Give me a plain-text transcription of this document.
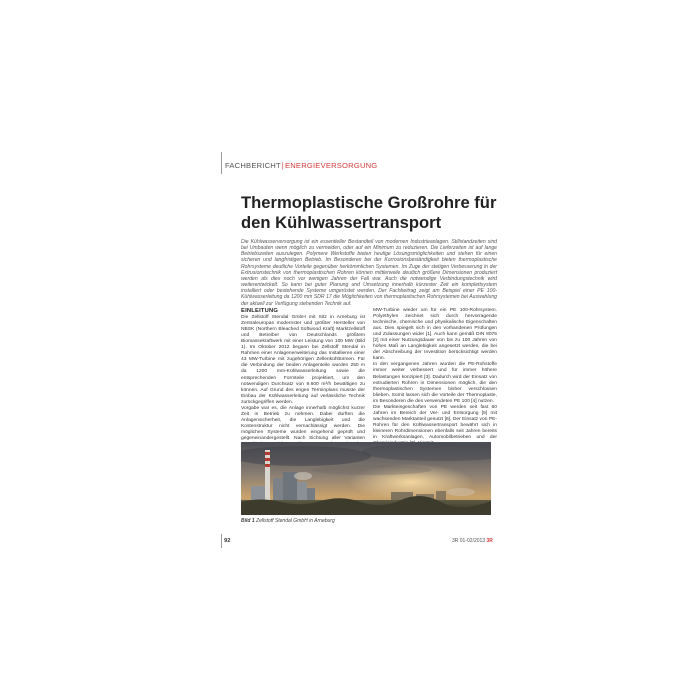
FACHBERICHT|ENERGIEVERSORGUNG
Thermoplastische Großrohre für den Kühlwassertransport

Die Kühlwasserversorgung ist ein essentieller Bestandteil von modernen Industrieanlagen. Stillstandzeiten sind bei Umbauten wenn möglich zu vermeiden, oder auf ein Minimum zu reduzieren. Die Lieferzeiten ist auf lange Betriebszeiten auszulegen. Polymere Werkstoffe bieten heutige Lösungsmöglichkeiten und stehen für einen sicheren und langfristigen Betrieb. Im Besonderen bei der Korrosionsbeständigkeit bieten thermoplastische Rohrsysteme deutliche Vorteile gegenüber herkömmlichen Systemen. Im Zuge der stetigen Verbesserung in der Extrusionstechnik von thermoplastischen Rohren können mittlerweile deutlich größere Dimensionen produziert werden als dies noch vor wenigen Jahren der Fall war. Auch die notwendige Verbindungstechnik wird weiterentwickelt. So kann bei guter Planung und Umsetzung innerhalb kürzester Zeit ein komplettsystem installiert oder bestehende Systeme umgerüstet werden. Der Fachbeitrag zeigt am Beispiel einer PE 100-Kühlwasserleitung da 1200 mm SDR 17 die Möglichkeiten von thermoplastischen Rohrsystemen bei Auswahlung der aktuell zur Verfügung stehenden Technik auf.

EINLEITUNG

Die Zellstoff Stendal GmbH mit Sitz in Arneburg ist Zentraleuropas modernster und größter Hersteller von NBSK (Northern Bleached Softwood Kraft) Marktzellstoff und Betreiber von Deutschlands größtem Biomassekraftwerk mit einer Leistung von 100 MW (Bild 1). Im Oktober 2012 begann bei Zellstoff Stendal in Rahmen einer Anlagenerweiterung das Installieren einer 43 MW-Turbine mit zugehörigen Zellenkühltürmen. Für die Verbindung der beiden Anlagenteile wurden 250 m da 1200 mm-Kühlwasserleitung sowie die entsprechenden Formteile projektiert, um den notwendigen Durchsatz von 9.600 m³/h bewältigen zu können. Auf Grund des engen Terminplans musste der Einbau der Kühlwasserleitung auf verlässliche Technik zurückgegriffen werden.

Vorgabe war es, die Anlage innerhalb möglichst kurzer Zeit in Betrieb zu nehmen. Dabei durften die Anlagensicherheit, die Langlebigkeit und die Kostenstruktur nicht vernachlässigt werden. Die möglichen Systeme wurden eingehend geprüft und gegeneinandergestellt. Nach Sichtung aller Varianten

MW-Turbine wieder um für ein PE 100-Rohrsystem. Polyethylen zeichnet sich durch hervorragende technische, chemische und physikalische Eigenschaften aus. Dies spiegelt sich in den vorhandenen Prüfungen und Zulassungen wider [1]. Auch kann gemäß DIN 8075 [2] mit einer Nutzungsdauer von bis zu 100 Jahren von hohes Maß an Langlebigkeit angesetzt werden, die bei der Abschreibung der Investition berücksichtigt werden kann.

In den vergangenen Jahren wurden die PE-Rohstoffe immer weiter verbessert und für immer höhere Belastungen konzipiert [3]. Dadurch wird der Einsatz von extrudierten Rohren in Dimensionen möglich, die den thermoplastischen Systemen bisher verschlossen blieben. Somit lassen sich die Vorteile der Thermoplaste, im Besonderen die des verwendeten PE 100 [4] nutzen.

Die Markteingeschaften von PE werden seit fast 60 Jahren im Bereich der Ver- und Entsorgung [5] mit wachsenden Marktanteil genutzt [6]. Der Einsatz von PE-Rohren für den Kühlwassertransport bewährt sich in kleineren Rohrdimensionen ebenfalls seit Jahren bereits in Kraftwerksanlagen, Automobilbetrieben und der

Bild 1 Zellstoff Stendal GmbH in Arneburg
92	3R 01-02/2013 3R
